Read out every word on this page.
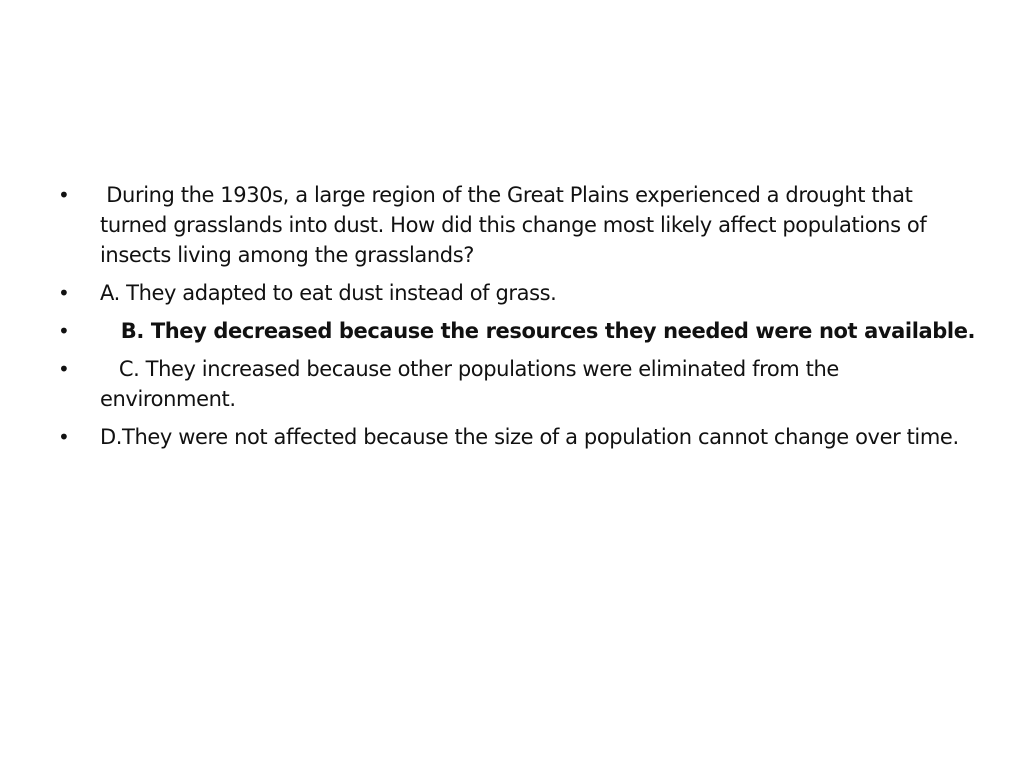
•	During the 1930s, a large region of the Great Plains experienced a drought that turned grasslands into dust. How did this change most likely affect populations of insects living among the grasslands?
•	A. They adapted to eat dust instead of grass.
•	B. They decreased because the resources they needed were not available.
•	C. They increased because other populations were eliminated from the environment.
•	D.They were not affected because the size of a population cannot change over time.
